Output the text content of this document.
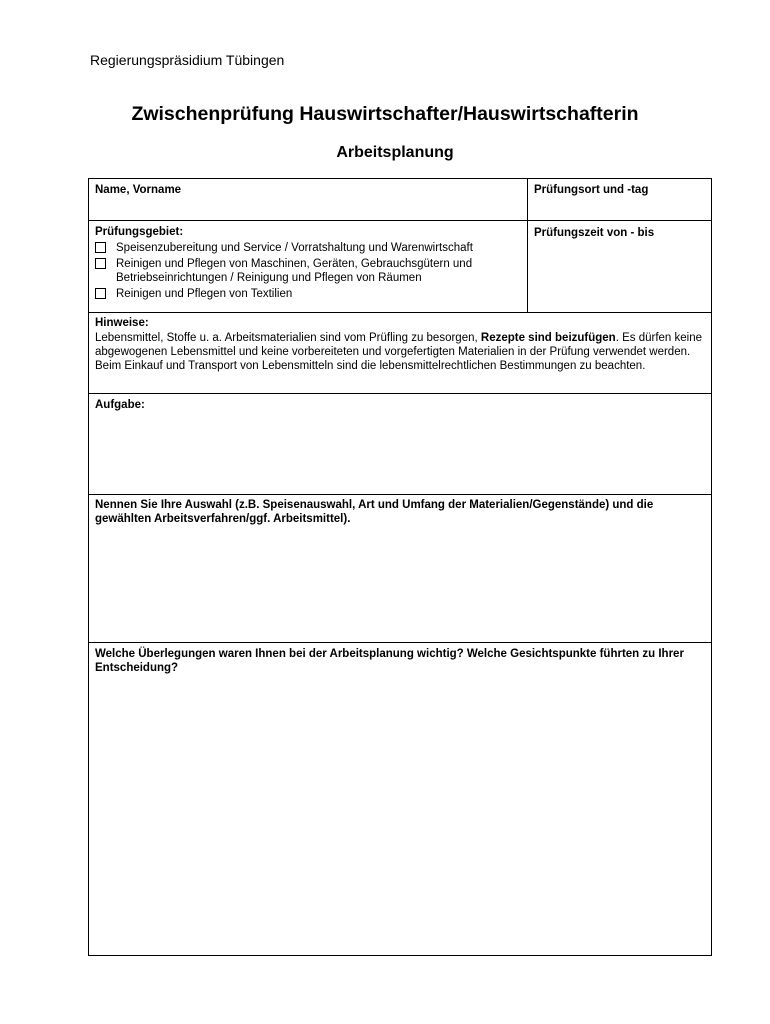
Regierungspräsidium Tübingen
Zwischenprüfung Hauswirtschafter/Hauswirtschafterin
Arbeitsplanung
Name, Vorname	Prüfungsort und -tag

Prüfungsgebiet:

Speisenzubereitung und Service / Vorratshaltung und Warenwirtschaft
Reinigen und Pflegen von Maschinen, Geräten, Gebrauchsgütern und Betriebseinrichtungen / Reinigung und Pflegen von Räumen
Reinigen und Pflegen von Textilien
Prüfungszeit von - bis

Hinweise:

Lebensmittel, Stoffe u. a. Arbeitsmaterialien sind vom Prüfling zu besorgen, Rezepte sind beizufügen. Es dürfen keine abgewogenen Lebensmittel und keine vorbereiteten und vorgefertigten Materialien in der Prüfung verwendet werden. Beim Einkauf und Transport von Lebensmitteln sind die lebensmittelrechtlichen Bestimmungen zu beachten.

Aufgabe:
Nennen Sie Ihre Auswahl (z.B. Speisenauswahl, Art und Umfang der Materialien/Gegenstände) und die gewählten Arbeitsverfahren/ggf. Arbeitsmittel).
Welche Überlegungen waren Ihnen bei der Arbeitsplanung wichtig? Welche Gesichtspunkte führten zu Ihrer Entscheidung?
